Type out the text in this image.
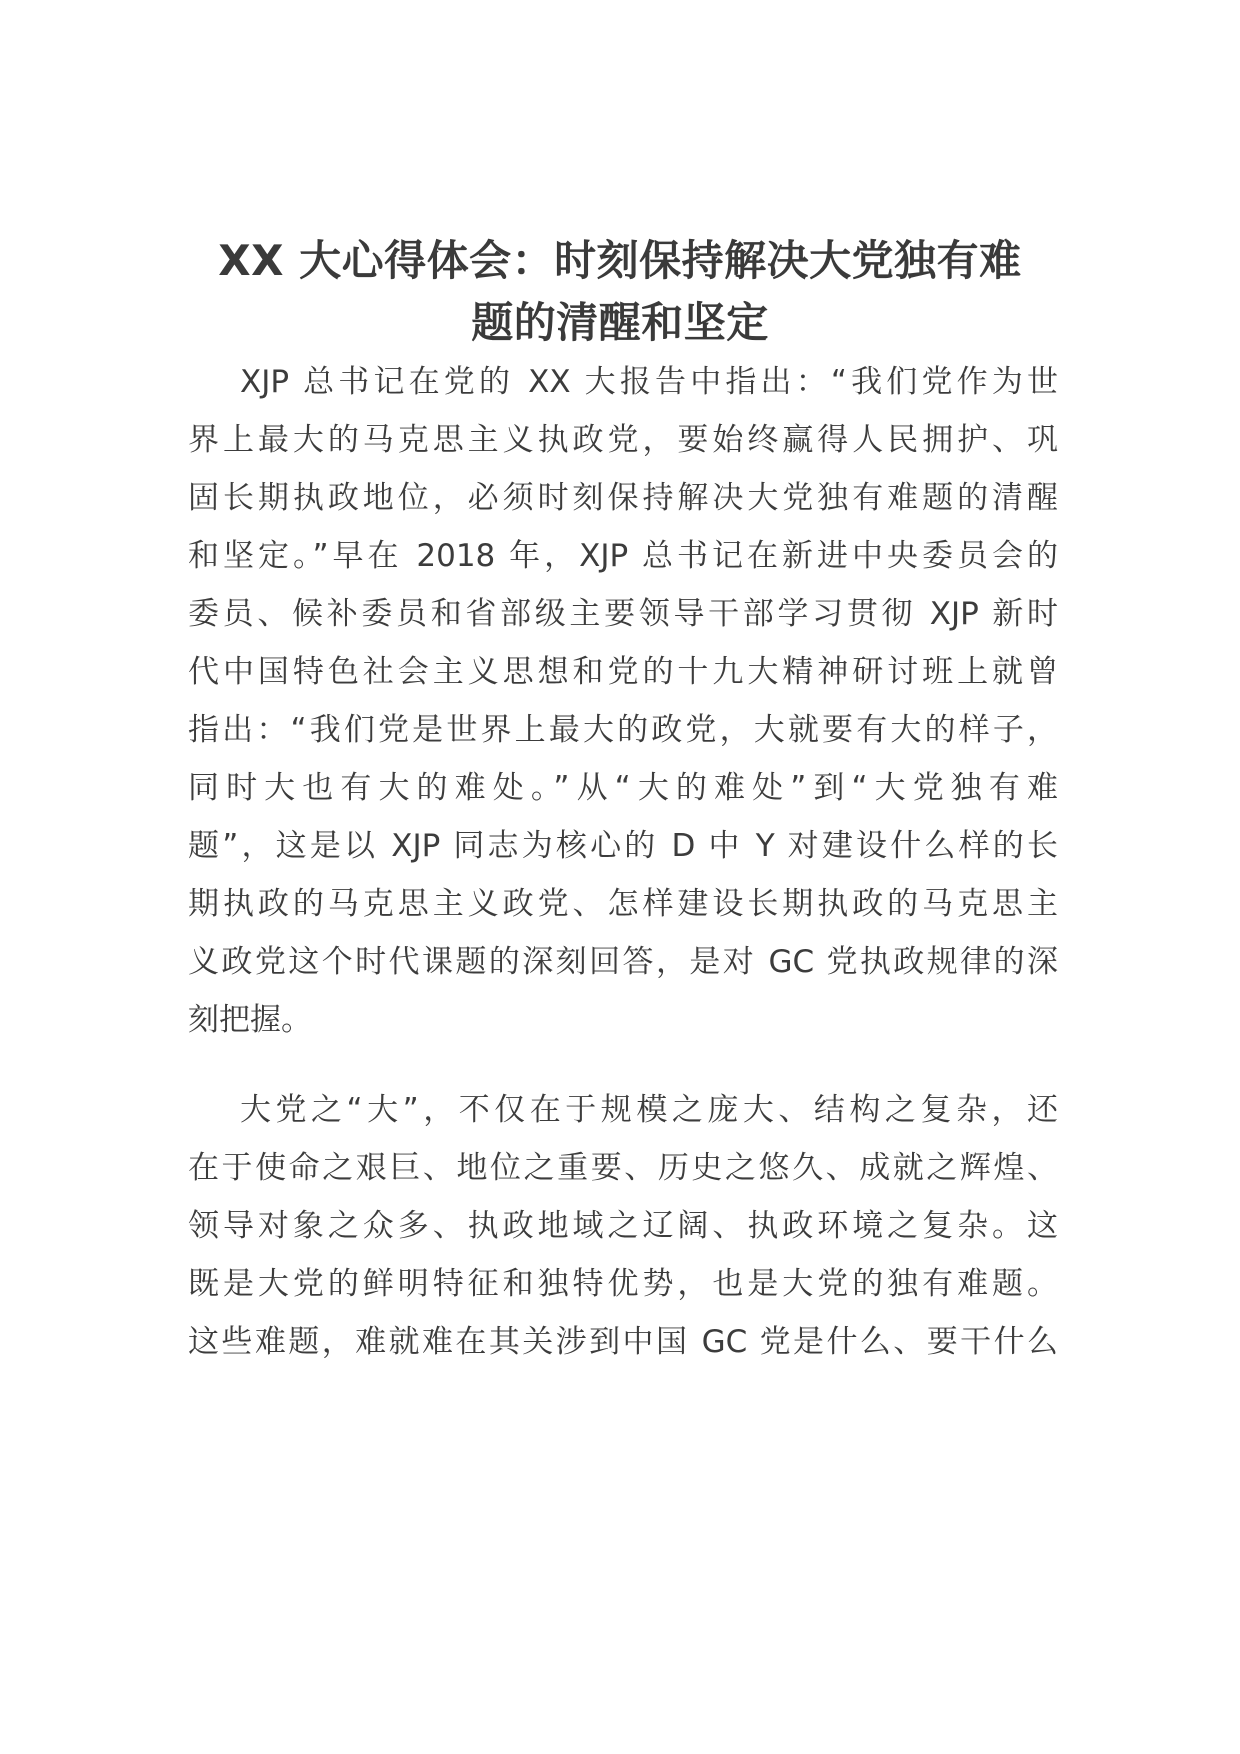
XX 大心得体会：时刻保持解决大党独有难
题的清醒和坚定

XJP 总书记在党的 XX 大报告中指出：“我们党作为世

界上最大的马克思主义执政党，要始终赢得人民拥护、巩

固长期执政地位，必须时刻保持解决大党独有难题的清醒

和坚定。”早在 2018 年，XJP 总书记在新进中央委员会的

委员、候补委员和省部级主要领导干部学习贯彻 XJP 新时

代中国特色社会主义思想和党的十九大精神研讨班上就曾

指出：“我们党是世界上最大的政党，大就要有大的样子，

同时大也有大的难处。”从“大的难处”到“大党独有难

题”，这是以 XJP 同志为核心的 D 中 Y 对建设什么样的长

期执政的马克思主义政党、怎样建设长期执政的马克思主

义政党这个时代课题的深刻回答，是对 GC 党执政规律的深

刻把握。

大党之“大”，不仅在于规模之庞大、结构之复杂，还

在于使命之艰巨、地位之重要、历史之悠久、成就之辉煌、

领导对象之众多、执政地域之辽阔、执政环境之复杂。这

既是大党的鲜明特征和独特优势，也是大党的独有难题。

这些难题，难就难在其关涉到中国 GC 党是什么、要干什么
